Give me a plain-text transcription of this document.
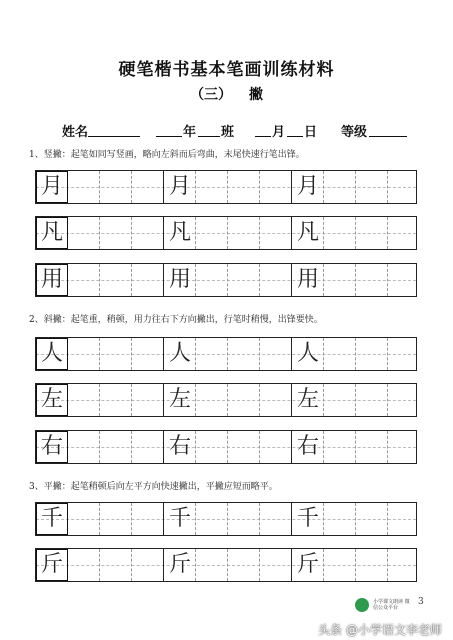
硬笔楷书基本笔画训练材料
（三） 撇
姓名	年 班	月 日 等级
1、竖撇：起笔如同写竖画，略向左斜而后弯曲，末尾快速行笔出锋。
月	月	月
凡	凡	凡
用	用	用
2、斜撇：起笔重，稍顿，用力往右下方向撇出，行笔时稍慢，出锋要快。
人	人	人
左	左	左
右	右	右
3、平撇：起笔稍顿后向左平方向快速撇出，平撇应短而略平。
千	千	千
斤	斤	斤
小学课文朗读 微信公众平台
3
头条 @小学语文李老师
